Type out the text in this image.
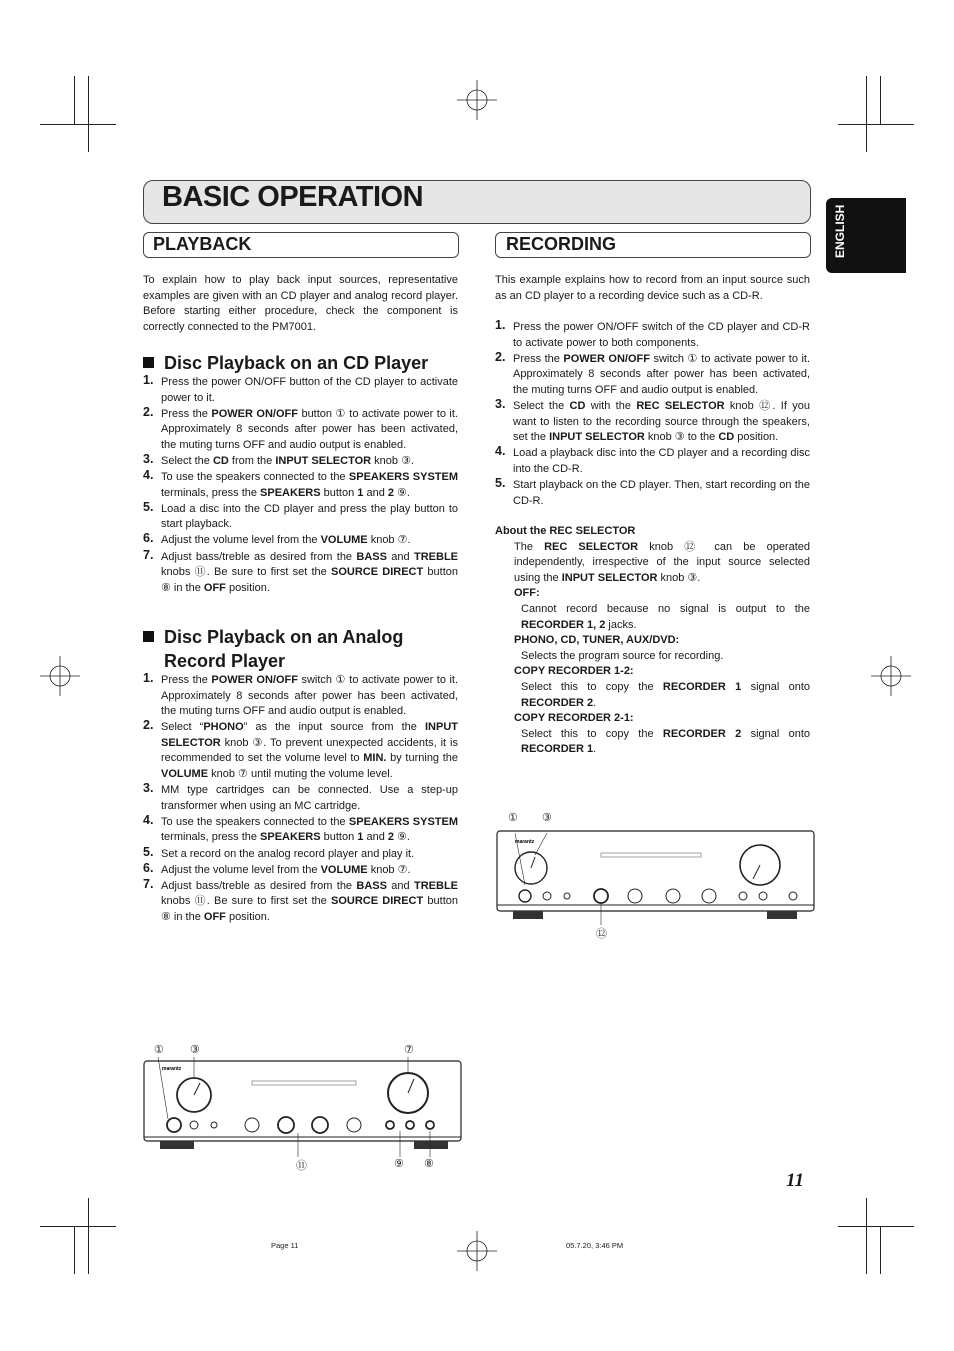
BASIC OPERATION
ENGLISH
PLAYBACK
To explain how to play back input sources, representative examples are given with an CD player and analog record player. Before starting either procedure, check the component is correctly connected to the PM7001.
Disc Playback on an CD Player
1. Press the power ON/OFF button of the CD player to activate power to it.
2. Press the POWER ON/OFF button ① to activate power to it. Approximately 8 seconds after power has been activated, the muting turns OFF and audio output is enabled.
3. Select the CD from the INPUT SELECTOR knob ③.
4. To use the speakers connected to the SPEAKERS SYSTEM terminals, press the SPEAKERS button 1 and 2 ⑨.
5. Load a disc into the CD player and press the play button to start playback.
6. Adjust the volume level from the VOLUME knob ⑦.
7. Adjust bass/treble as desired from the BASS and TREBLE knobs ⑪. Be sure to first set the SOURCE DIRECT button ⑧ in the OFF position.
Disc Playback on an Analog
Record Player
1. Press the POWER ON/OFF switch ① to activate power to it. Approximately 8 seconds after power has been activated, the muting turns OFF and audio output is enabled.
2. Select “PHONO” as the input source from the INPUT SELECTOR knob ③. To prevent unexpected accidents, it is recommended to set the volume level to MIN. by turning the VOLUME knob ⑦ until muting the volume level.
3. MM type cartridges can be connected. Use a step-up transformer when using an MC cartridge.
4. To use the speakers connected to the SPEAKERS SYSTEM terminals, press the SPEAKERS button 1 and 2 ⑨.
5. Set a record on the analog record player and play it.
6. Adjust the volume level from the VOLUME knob ⑦.
7. Adjust bass/treble as desired from the BASS and TREBLE knobs ⑪. Be sure to first set the SOURCE DIRECT button ⑧ in the OFF position.
RECORDING
This example explains how to record from an input source such as an CD player to a recording device such as a CD-R.
1. Press the power ON/OFF switch of the CD player and CD-R to activate power to both components.
2. Press the POWER ON/OFF switch ① to activate power to it. Approximately 8 seconds after power has been activated, the muting turns OFF and audio output is enabled.
3. Select the CD with the REC SELECTOR knob ⑫. If you want to listen to the recording source through the speakers, set the INPUT SELECTOR knob ③ to the CD position.
4. Load a playback disc into the CD player and a recording disc into the CD-R.
5. Start playback on the CD player. Then, start recording on the CD-R.

About the REC SELECTOR

The REC SELECTOR knob ⑫ can be operated independently, irrespective of the input source selected using the INPUT SELECTOR knob ③.

OFF:

Cannot record because no signal is output to the RECORDER 1, 2 jacks.

PHONO, CD, TUNER, AUX/DVD:

Selects the program source for recording.

COPY RECORDER 1-2:

Select this to copy the RECORDER 1 signal onto RECORDER 2.

COPY RECORDER 2-1:

Select this to copy the RECORDER 2 signal onto RECORDER 1.

① ③
⑫
marantz
① ③	⑦
⑪	⑨ ⑧
marantz
11
Page 11	05.7.20, 3:46 PM
